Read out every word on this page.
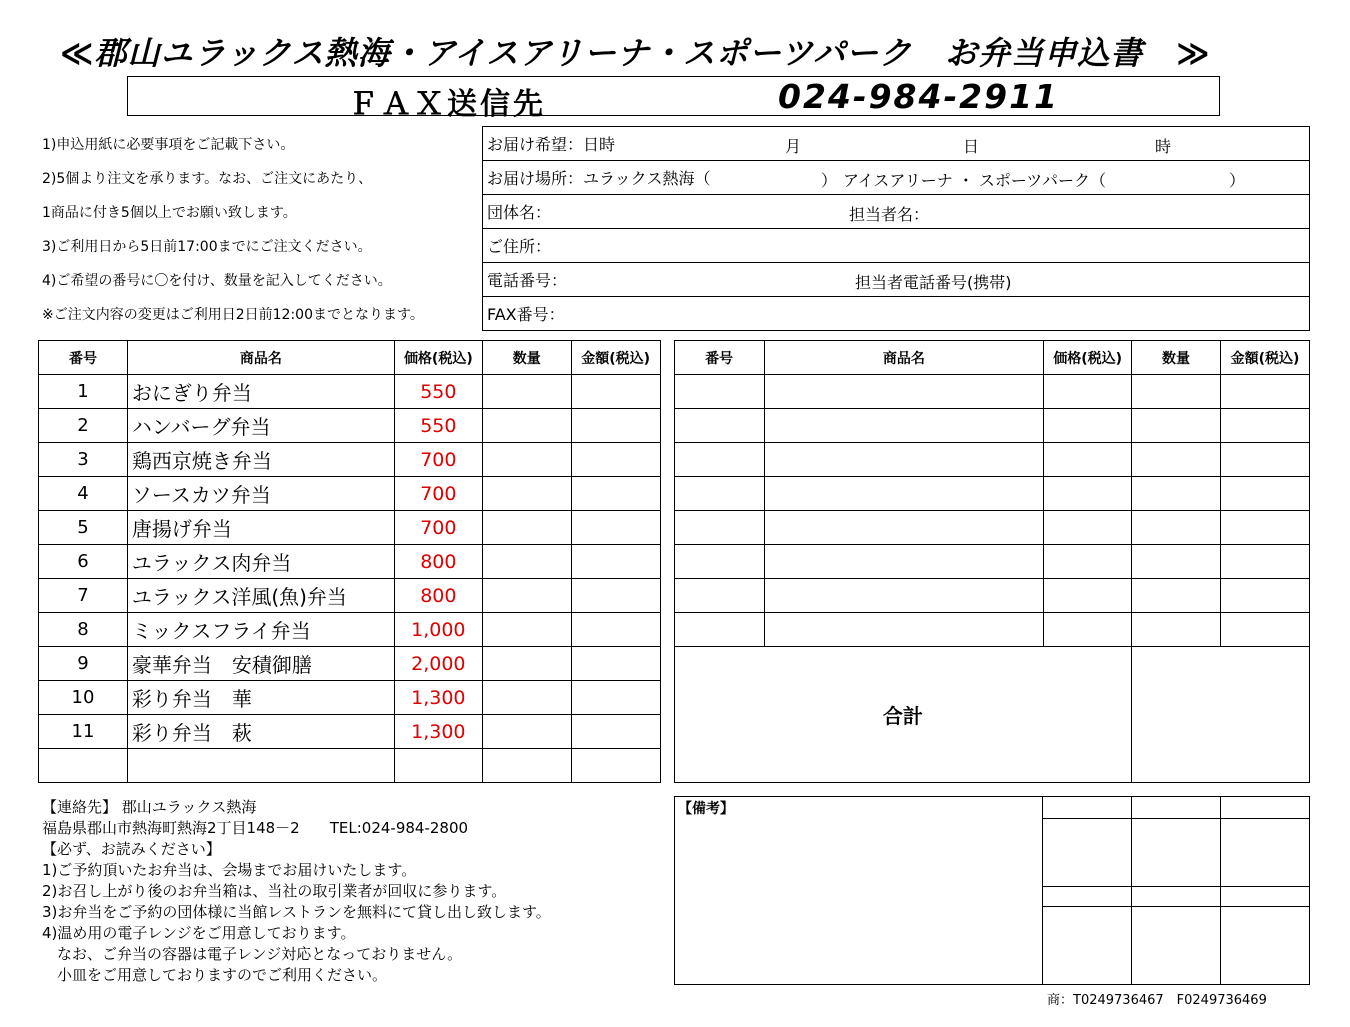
≪郡山ユラックス熱海・アイスアリーナ・スポーツパーク　お弁当申込書　≫
ＦＡＸ送信先	024-984-2911
1)申込用紙に必要事項をご記載下さい。
2)5個より注文を承ります。なお、ご注文にあたり、
1商品に付き5個以上でお願い致します。
3)ご利用日から5日前17:00までにご注文ください。
4)ご希望の番号に〇を付け、数量を記入してください。
※ご注文内容の変更はご利用日2日前12:00までとなります。
お届け希望：日時	月	日	時

お届け場所：ユラックス熱海（	） アイスアリーナ ・ スポーツパーク（	）

団体名：	担当者名：

ご住所：
電話番号：	担当者電話番号(携帯)

FAX番号：
番号	商品名	価格(税込)	数量	金額(税込)		番号	商品名	価格(税込)	数量	金額(税込)
1	おにぎり弁当	550								
2	ハンバーグ弁当	550								
3	鶏西京焼き弁当	700								
4	ソースカツ弁当	700								
5	唐揚げ弁当	700								
6	ユラックス肉弁当	800								
7	ユラックス洋風(魚)弁当	800								
8	ミックスフライ弁当	1,000								
9	豪華弁当　安積御膳	2,000				合計				
10	彩り弁当　華	1,300								
11	彩り弁当　萩	1,300								

【連絡先】 郡山ユラックス熱海
福島県郡山市熱海町熱海2丁目148－2　　TEL:024-984-2800
【必ず、お読みください】
1)ご予約頂いたお弁当は、会場までお届けいたします。
2)お召し上がり後のお弁当箱は、当社の取引業者が回収に参ります。
3)お弁当をご予約の団体様に当館レストランを無料にて貸し出し致します。
4)温め用の電子レンジをご用意しております。
　なお、ご弁当の容器は電子レンジ対応となっておりません。
　小皿をご用意しておりますのでご利用ください。
【備考】			

商：T0249736467　F0249736469
